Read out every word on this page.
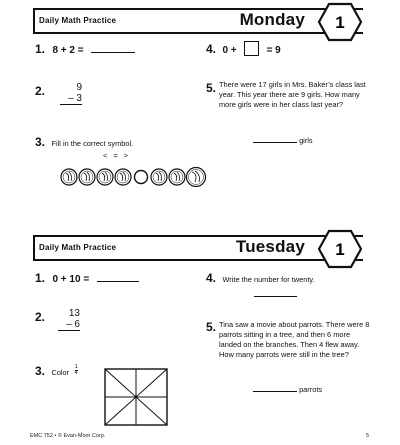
Daily Math Practice	Monday 1
1. 8 + 2 =
2.	9
– 3
3. Fill in the correct symbol.
< = >
4. 0 +	= 9
5. There were 17 girls in Mrs. Baker’s class last year. This year there are 9 girls. How many more girls were in her class last year?
girls
Daily Math Practice	Tuesday 1
1. 0 + 10 =
2.	13
– 6
3. Color $\frac{1}{4}$
4. Write the number for twenty.
5. Tina saw a movie about parrots. There were 8 parrots sitting in a tree, and then 6 more landed on the branches. Then 4 flew away. How many parrots were still in the tree?
parrots
EMC 752 • © Evan-Moor Corp.	5
